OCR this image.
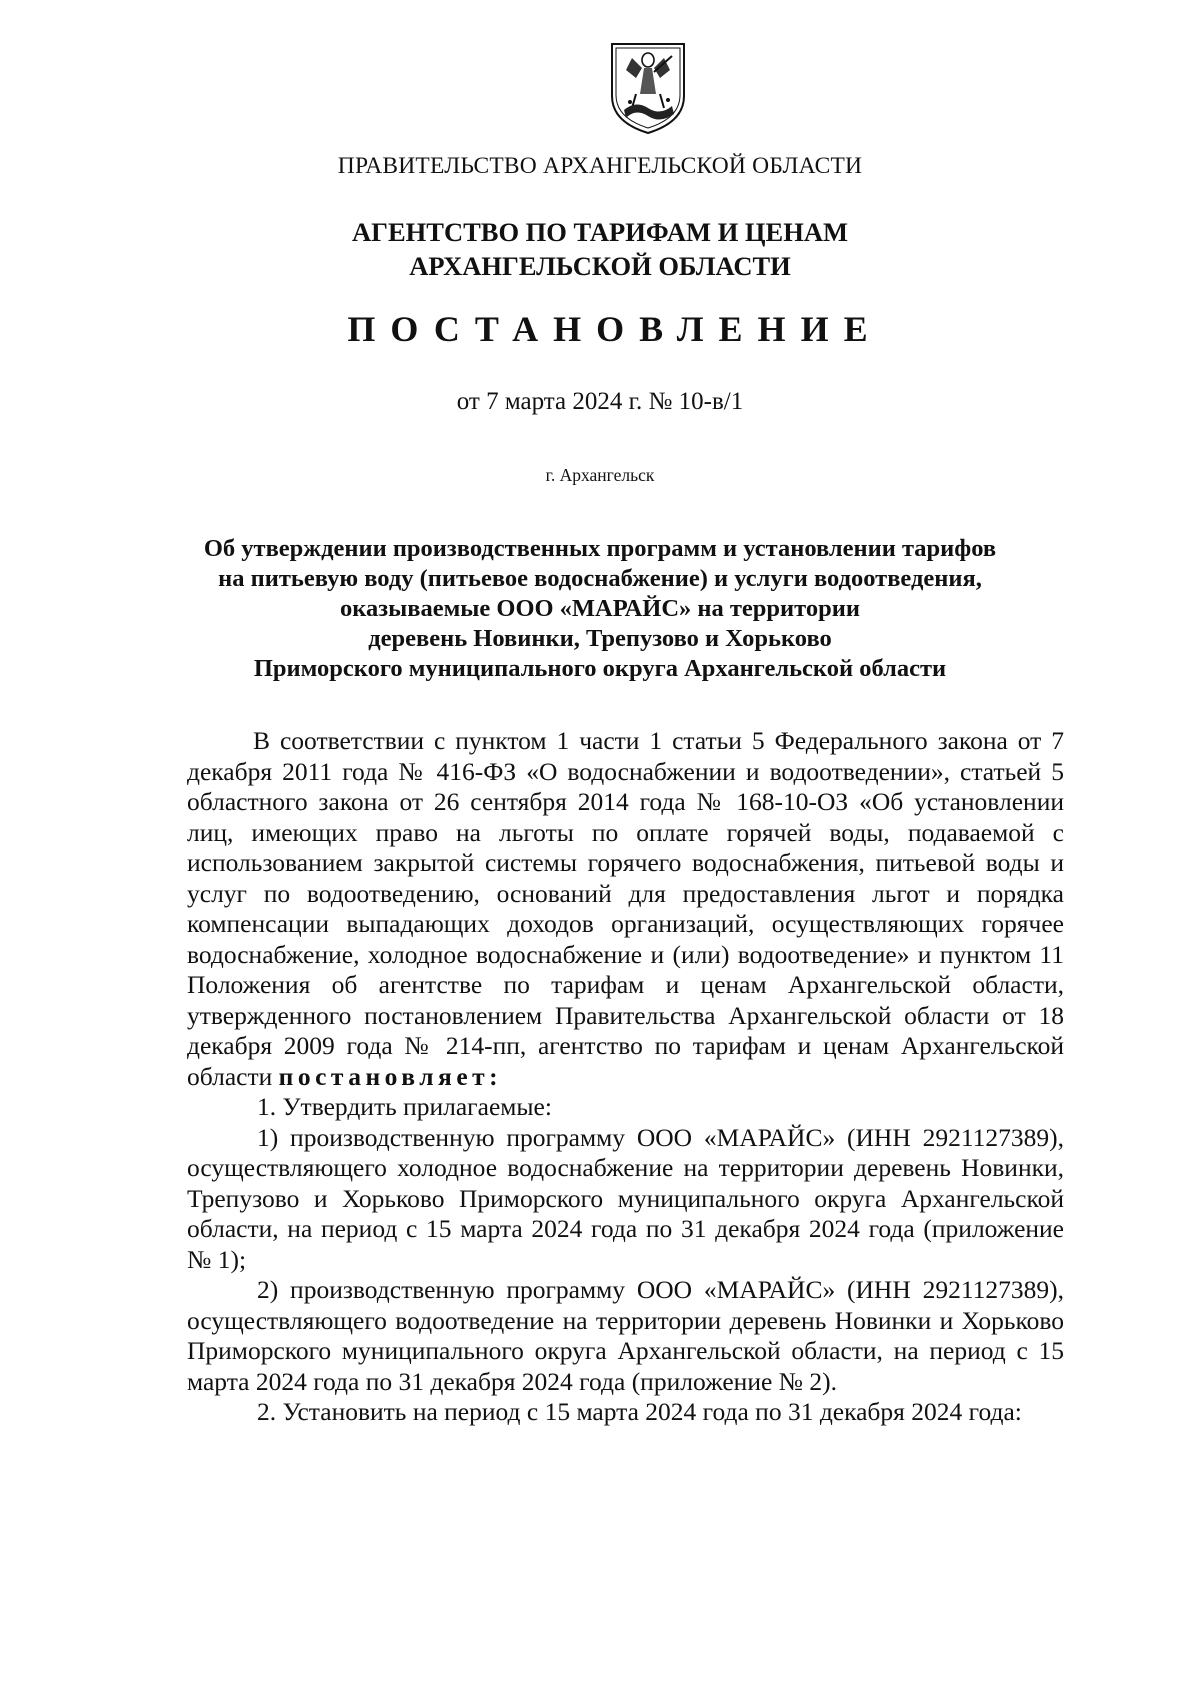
ПРАВИТЕЛЬСТВО АРХАНГЕЛЬСКОЙ ОБЛАСТИ
АГЕНТСТВО ПО ТАРИФАМ И ЦЕНАМ
АРХАНГЕЛЬСКОЙ ОБЛАСТИ
ПОСТАНОВЛЕНИЕ
от 7 марта 2024 г. № 10-в/1
г. Архангельск
Об утверждении производственных программ и установлении тарифов
на питьевую воду (питьевое водоснабжение) и услуги водоотведения,
оказываемые ООО «МАРАЙС» на территории
деревень Новинки, Трепузово и Хорьково
Приморского муниципального округа Архангельской области

В соответствии с пунктом 1 части 1 статьи 5 Федерального закона от 7 декабря 2011 года № 416-ФЗ «О водоснабжении и водоотведении», статьей 5 областного закона от 26 сентября 2014 года № 168-10-ОЗ «Об установлении лиц, имеющих право на льготы по оплате горячей воды, подаваемой с использованием закрытой системы горячего водоснабжения, питьевой воды и услуг по водоотведению, оснований для предоставления льгот и порядка компенсации выпадающих доходов организаций, осуществляющих горячее водоснабжение, холодное водоснабжение и (или) водоотведение» и пунктом 11 Положения об агентстве по тарифам и ценам Архангельской области, утвержденного постановлением Правительства Архангельской области от 18 декабря 2009 года № 214-пп, агентство по тарифам и ценам Архангельской области постановляет:

1. Утвердить прилагаемые:

1) производственную программу ООО «МАРАЙС» (ИНН 2921127389), осуществляющего холодное водоснабжение на территории деревень Новинки, Трепузово и Хорьково Приморского муниципального округа Архангельской области, на период с 15 марта 2024 года по 31 декабря 2024 года (приложение № 1);

2) производственную программу ООО «МАРАЙС» (ИНН 2921127389), осуществляющего водоотведение на территории деревень Новинки и Хорьково Приморского муниципального округа Архангельской области, на период с 15 марта 2024 года по 31 декабря 2024 года (приложение № 2).

2. Установить на период с 15 марта 2024 года по 31 декабря 2024 года:
